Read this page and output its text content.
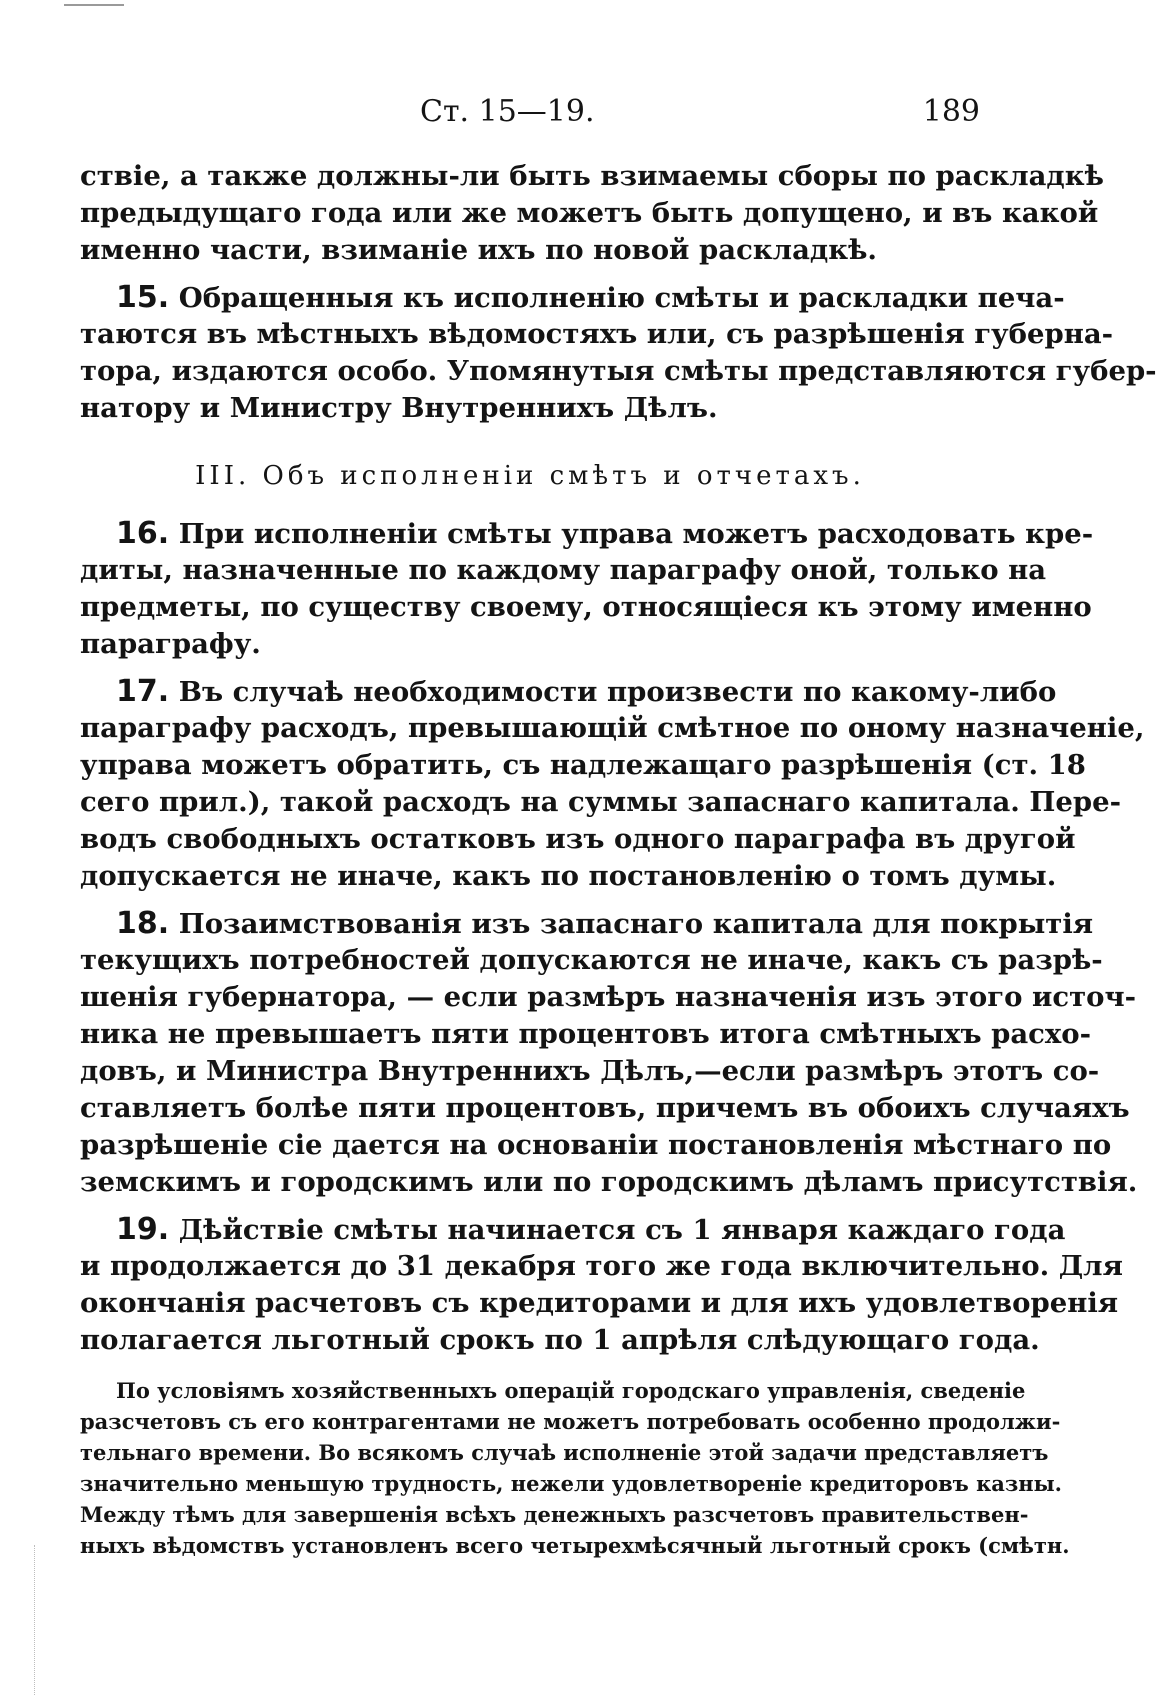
Ст. 15—19.	189
ствіе, а также должны-ли быть взимаемы сборы по раскладкѣ
предыдущаго года или же можетъ быть допущено, и въ какой
именно части, взиманіе ихъ по новой раскладкѣ.
15. Обращенныя къ исполненію смѣты и раскладки печа-
таются въ мѣстныхъ вѣдомостяхъ или, съ разрѣшенія губерна-
тора, издаются особо. Упомянутыя смѣты представляются губер-
натору и Министру Внутреннихъ Дѣлъ.
III. Объ исполненіи смѣтъ и отчетахъ.
16. При исполненіи смѣты управа можетъ расходовать кре-
диты, назначенные по каждому параграфу оной, только на
предметы, по существу своему, относящіеся къ этому именно
параграфу.
17. Въ случаѣ необходимости произвести по какому-либо
параграфу расходъ, превышающій смѣтное по оному назначеніе,
управа можетъ обратить, съ надлежащаго разрѣшенія (ст. 18
сего прил.), такой расходъ на суммы запаснаго капитала. Пере-
водъ свободныхъ остатковъ изъ одного параграфа въ другой
допускается не иначе, какъ по постановленію о томъ думы.
18. Позаимствованія изъ запаснаго капитала для покрытія
текущихъ потребностей допускаются не иначе, какъ съ разрѣ-
шенія губернатора, — если размѣръ назначенія изъ этого источ-
ника не превышаетъ пяти процентовъ итога смѣтныхъ расхо-
довъ, и Министра Внутреннихъ Дѣлъ,—если размѣръ этотъ со-
ставляетъ болѣе пяти процентовъ, причемъ въ обоихъ случаяхъ
разрѣшеніе сіе дается на основаніи постановленія мѣстнаго по
земскимъ и городскимъ или по городскимъ дѣламъ присутствія.
19. Дѣйствіе смѣты начинается съ 1 января каждаго года
и продолжается до 31 декабря того же года включительно. Для
окончанія расчетовъ съ кредиторами и для ихъ удовлетворенія
полагается льготный срокъ по 1 апрѣля слѣдующаго года.
По условіямъ хозяйственныхъ операцій городскаго управленія, сведеніе
разсчетовъ съ его контрагентами не можетъ потребовать особенно продолжи-
тельнаго времени. Во всякомъ случаѣ исполненіе этой задачи представляетъ
значительно меньшую трудность, нежели удовлетвореніе кредиторовъ казны.
Между тѣмъ для завершенія всѣхъ денежныхъ разсчетовъ правительствен-
ныхъ вѣдомствъ установленъ всего четырехмѣсячный льготный срокъ (смѣтн.
